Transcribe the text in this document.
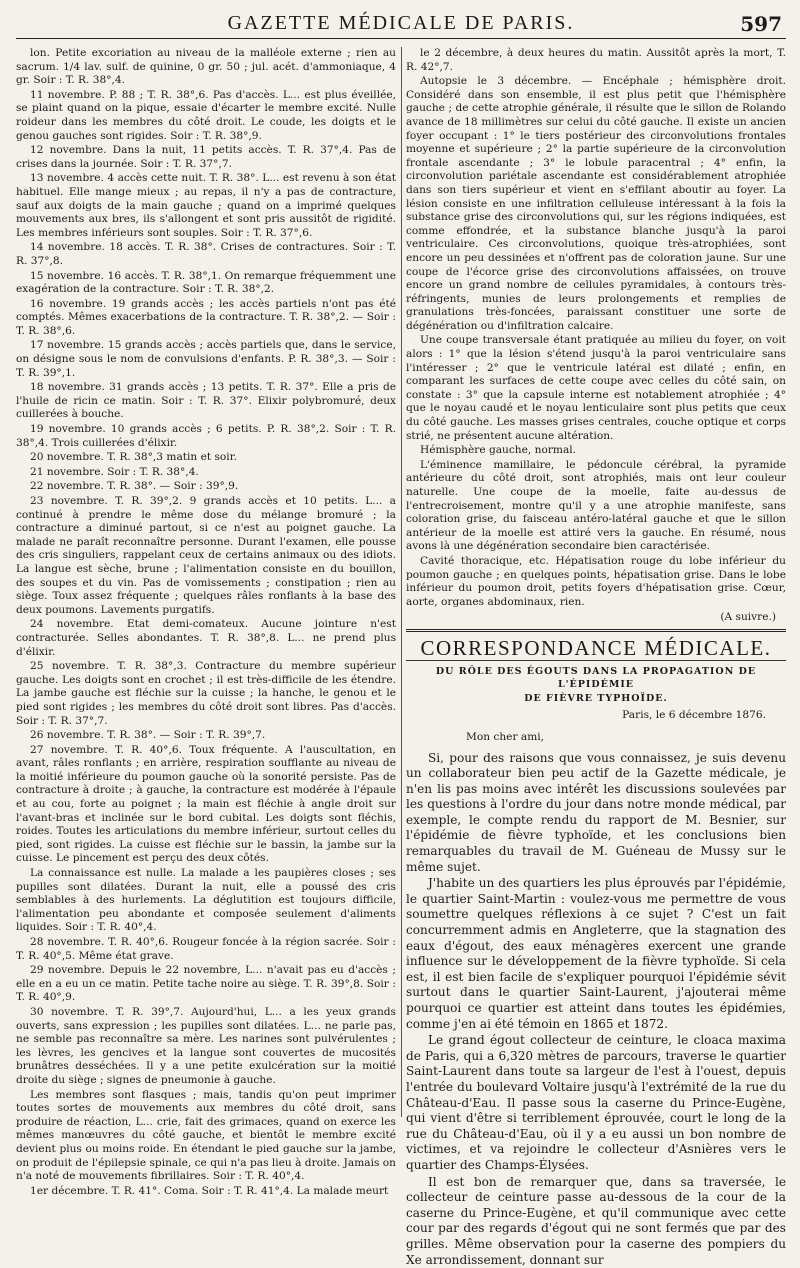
GAZETTE MÉDICALE DE PARIS.	597

lon. Petite excoriation au niveau de la malléole externe ; rien au sacrum. 1/4 lav. sulf. de quinine, 0 gr. 50 ; jul. acét. d'ammoniaque, 4 gr. Soir : T. R. 38°,4.

11 novembre. P. 88 ; T. R. 38°,6. Pas d'accès. L... est plus éveillée, se plaint quand on la pique, essaie d'écarter le membre excité. Nulle roideur dans les membres du côté droit. Le coude, les doigts et le genou gauches sont rigides. Soir : T. R. 38°,9.

12 novembre. Dans la nuit, 11 petits accès. T. R. 37°,4. Pas de crises dans la journée. Soir : T. R. 37°,7.

13 novembre. 4 accès cette nuit. T. R. 38°. L... est revenu à son état habituel. Elle mange mieux ; au repas, il n'y a pas de contracture, sauf aux doigts de la main gauche ; quand on a imprimé quelques mouvements aux bres, ils s'allongent et sont pris aussitôt de rigidité. Les membres inférieurs sont souples. Soir : T. R. 37°,6.

14 novembre. 18 accès. T. R. 38°. Crises de contractures. Soir : T. R. 37°,8.

15 novembre. 16 accès. T. R. 38°,1. On remarque fréquemment une exagération de la contracture. Soir : T. R. 38°,2.

16 novembre. 19 grands accès ; les accès partiels n'ont pas été comptés. Mêmes exacerbations de la contracture. T. R. 38°,2. — Soir : T. R. 38°,6.

17 novembre. 15 grands accès ; accès partiels que, dans le service, on désigne sous le nom de convulsions d'enfants. P. R. 38°,3. — Soir : T. R. 39°,1.

18 novembre. 31 grands accès ; 13 petits. T. R. 37°. Elle a pris de l'huile de ricin ce matin. Soir : T. R. 37°. Elixir polybromuré, deux cuillerées à bouche.

19 novembre. 10 grands accès ; 6 petits. P. R. 38°,2. Soir : T. R. 38°,4. Trois cuillerées d'élixir.

20 novembre. T. R. 38°,3 matin et soir.

21 novembre. Soir : T. R. 38°,4.

22 novembre. T. R. 38°. — Soir : 39°,9.

23 novembre. T. R. 39°,2. 9 grands accès et 10 petits. L... a continué à prendre le même dose du mélange bromuré ; la contracture a diminué partout, si ce n'est au poignet gauche. La malade ne paraît reconnaître personne. Durant l'examen, elle pousse des cris singuliers, rappelant ceux de certains animaux ou des idiots. La langue est sèche, brune ; l'alimentation consiste en du bouillon, des soupes et du vin. Pas de vomissements ; constipation ; rien au siège. Toux assez fréquente ; quelques râles ronflants à la base des deux poumons. Lavements purgatifs.

24 novembre. Etat demi-comateux. Aucune jointure n'est contracturée. Selles abondantes. T. R. 38°,8. L... ne prend plus d'élixir.

25 novembre. T. R. 38°,3. Contracture du membre supérieur gauche. Les doigts sont en crochet ; il est très-difficile de les étendre. La jambe gauche est fléchie sur la cuisse ; la hanche, le genou et le pied sont rigides ; les membres du côté droit sont libres. Pas d'accès. Soir : T. R. 37°,7.

26 novembre. T. R. 38°. — Soir : T. R. 39°,7.

27 novembre. T. R. 40°,6. Toux fréquente. A l'auscultation, en avant, râles ronflants ; en arrière, respiration soufflante au niveau de la moitié inférieure du poumon gauche où la sonorité persiste. Pas de contracture à droite ; à gauche, la contracture est modérée à l'épaule et au cou, forte au poignet ; la main est fléchie à angle droit sur l'avant-bras et inclinée sur le bord cubital. Les doigts sont fléchis, roides. Toutes les articulations du membre inférieur, surtout celles du pied, sont rigides. La cuisse est fléchie sur le bassin, la jambe sur la cuisse. Le pincement est perçu des deux côtés.

La connaissance est nulle. La malade a les paupières closes ; ses pupilles sont dilatées. Durant la nuit, elle a poussé des cris semblables à des hurlements. La déglutition est toujours difficile, l'alimentation peu abondante et composée seulement d'aliments liquides. Soir : T. R. 40°,4.

28 novembre. T. R. 40°,6. Rougeur foncée à la région sacrée. Soir : T. R. 40°,5. Même état grave.

29 novembre. Depuis le 22 novembre, L... n'avait pas eu d'accès ; elle en a eu un ce matin. Petite tache noire au siège. T. R. 39°,8. Soir : T. R. 40°,9.

30 novembre. T. R. 39°,7. Aujourd'hui, L... a les yeux grands ouverts, sans expression ; les pupilles sont dilatées. L... ne parle pas, ne semble pas reconnaître sa mère. Les narines sont pulvérulentes ; les lèvres, les gencives et la langue sont couvertes de mucosités brunâtres desséchées. Il y a une petite exulcération sur la moitié droite du siège ; signes de pneumonie à gauche.

Les membres sont flasques ; mais, tandis qu'on peut imprimer toutes sortes de mouvements aux membres du côté droit, sans produire de réaction, L... crie, fait des grimaces, quand on exerce les mêmes manœuvres du côté gauche, et bientôt le membre excité devient plus ou moins roide. En étendant le pied gauche sur la jambe, on produit de l'épilepsie spinale, ce qui n'a pas lieu à droite. Jamais on n'a noté de mouvements fibrillaires. Soir : T. R. 40°,4.

1er décembre. T. R. 41°. Coma. Soir : T. R. 41°,4. La malade meurt

le 2 décembre, à deux heures du matin. Aussitôt après la mort, T. R. 42°,7.

Autopsie le 3 décembre. — Encéphale ; hémisphère droit. Considéré dans son ensemble, il est plus petit que l'hémisphère gauche ; de cette atrophie générale, il résulte que le sillon de Rolando avance de 18 millimètres sur celui du côté gauche. Il existe un ancien foyer occupant : 1° le tiers postérieur des circonvolutions frontales moyenne et supérieure ; 2° la partie supérieure de la circonvolution frontale ascendante ; 3° le lobule paracentral ; 4° enfin, la circonvolution pariétale ascendante est considérablement atrophiée dans son tiers supérieur et vient en s'effilant aboutir au foyer. La lésion consiste en une infiltration celluleuse intéressant à la fois la substance grise des circonvolutions qui, sur les régions indiquées, est comme effondrée, et la substance blanche jusqu'à la paroi ventriculaire. Ces circonvolutions, quoique très-atrophiées, sont encore un peu dessinées et n'offrent pas de coloration jaune. Sur une coupe de l'écorce grise des circonvolutions affaissées, on trouve encore un grand nombre de cellules pyramidales, à contours très-réfringents, munies de leurs prolongements et remplies de granulations très-foncées, paraissant constituer une sorte de dégénération ou d'infiltration calcaire.

Une coupe transversale étant pratiquée au milieu du foyer, on voit alors : 1° que la lésion s'étend jusqu'à la paroi ventriculaire sans l'intéresser ; 2° que le ventricule latéral est dilaté ; enfin, en comparant les surfaces de cette coupe avec celles du côté sain, on constate : 3° que la capsule interne est notablement atrophiée ; 4° que le noyau caudé et le noyau lenticulaire sont plus petits que ceux du côté gauche. Les masses grises centrales, couche optique et corps strié, ne présentent aucune altération.

Hémisphère gauche, normal.

L'éminence mamillaire, le pédoncule cérébral, la pyramide antérieure du côté droit, sont atrophiés, mais ont leur couleur naturelle. Une coupe de la moelle, faite au-dessus de l'entrecroisement, montre qu'il y a une atrophie manifeste, sans coloration grise, du faisceau antéro-latéral gauche et que le sillon antérieur de la moelle est attiré vers la gauche. En résumé, nous avons là une dégénération secondaire bien caractérisée.

Cavité thoracique, etc. Hépatisation rouge du lobe inférieur du poumon gauche ; en quelques points, hépatisation grise. Dans le lobe inférieur du poumon droit, petits foyers d'hépatisation grise. Cœur, aorte, organes abdominaux, rien.

(A suivre.)
CORRESPONDANCE MÉDICALE.
DU RÔLE DES ÉGOUTS DANS LA PROPAGATION DE L'ÉPIDÉMIE
DE FIÈVRE TYPHOÏDE.
Paris, le 6 décembre 1876.
Mon cher ami,

Si, pour des raisons que vous connaissez, je suis devenu un collaborateur bien peu actif de la Gazette médicale, je n'en lis pas moins avec intérêt les discussions soulevées par les questions à l'ordre du jour dans notre monde médical, par exemple, le compte rendu du rapport de M. Besnier, sur l'épidémie de fièvre typhoïde, et les conclusions bien remarquables du travail de M. Guéneau de Mussy sur le même sujet.

J'habite un des quartiers les plus éprouvés par l'épidémie, le quartier Saint-Martin : voulez-vous me permettre de vous soumettre quelques réflexions à ce sujet ? C'est un fait concurremment admis en Angleterre, que la stagnation des eaux d'égout, des eaux ménagères exercent une grande influence sur le développement de la fièvre typhoïde. Si cela est, il est bien facile de s'expliquer pourquoi l'épidémie sévit surtout dans le quartier Saint-Laurent, j'ajouterai même pourquoi ce quartier est atteint dans toutes les épidémies, comme j'en ai été témoin en 1865 et 1872.

Le grand égout collecteur de ceinture, le cloaca maxima de Paris, qui a 6,320 mètres de parcours, traverse le quartier Saint-Laurent dans toute sa largeur de l'est à l'ouest, depuis l'entrée du boulevard Voltaire jusqu'à l'extrémité de la rue du Château-d'Eau. Il passe sous la caserne du Prince-Eugène, qui vient d'être si terriblement éprouvée, court le long de la rue du Château-d'Eau, où il y a eu aussi un bon nombre de victimes, et va rejoindre le collecteur d'Asnières vers le quartier des Champs-Élysées.

Il est bon de remarquer que, dans sa traversée, le collecteur de ceinture passe au-dessous de la cour de la caserne du Prince-Eugène, et qu'il communique avec cette cour par des regards d'égout qui ne sont fermés que par des grilles. Même observation pour la caserne des pompiers du Xe arrondissement, donnant sur
